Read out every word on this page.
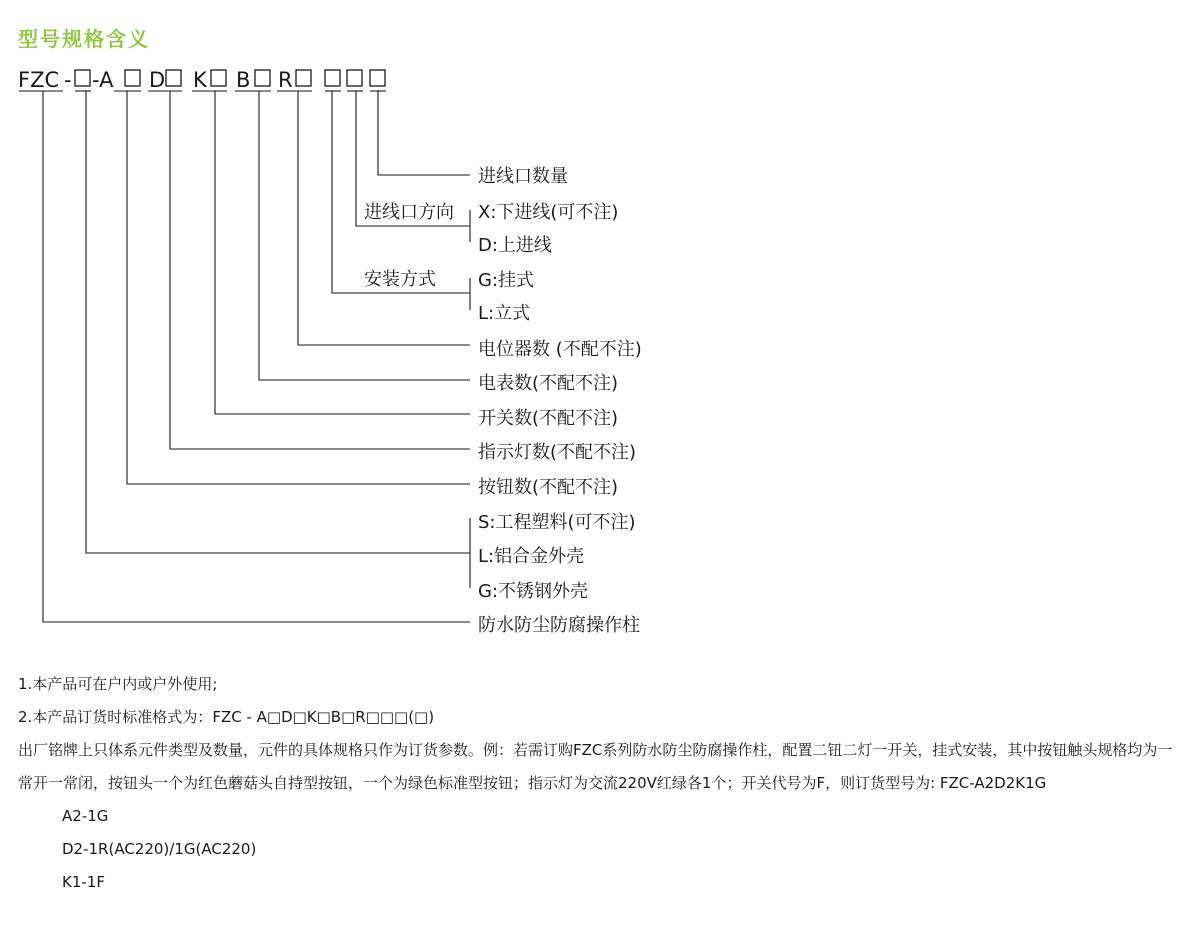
型号规格含义
FZC - -A D K B R
进线口数量
进线口方向 X:下进线(可不注)
D:上进线
安装方式 G:挂式
L:立式
电位器数 (不配不注)
电表数(不配不注)
开关数(不配不注)
指示灯数(不配不注)
按钮数(不配不注)
S:工程塑料(可不注)
L:铝合金外壳
G:不锈钢外壳
防水防尘防腐操作柱

1.本产品可在户内或户外使用;

2.本产品订货时标准格式为：FZC - A□D□K□B□R□□□(□)

出厂铭牌上只体系元件类型及数量，元件的具体规格只作为订货参数。例：若需订购FZC系列防水防尘防腐操作柱，配置二钮二灯一开关，挂式安装，其中按钮触头规格均为一常开一常闭，按钮头一个为红色蘑菇头自持型按钮，一个为绿色标准型按钮；指示灯为交流220V红绿各1个；开关代号为F，则订货型号为: FZC-A2D2K1G

A2-1G

D2-1R(AC220)/1G(AC220)

K1-1F
